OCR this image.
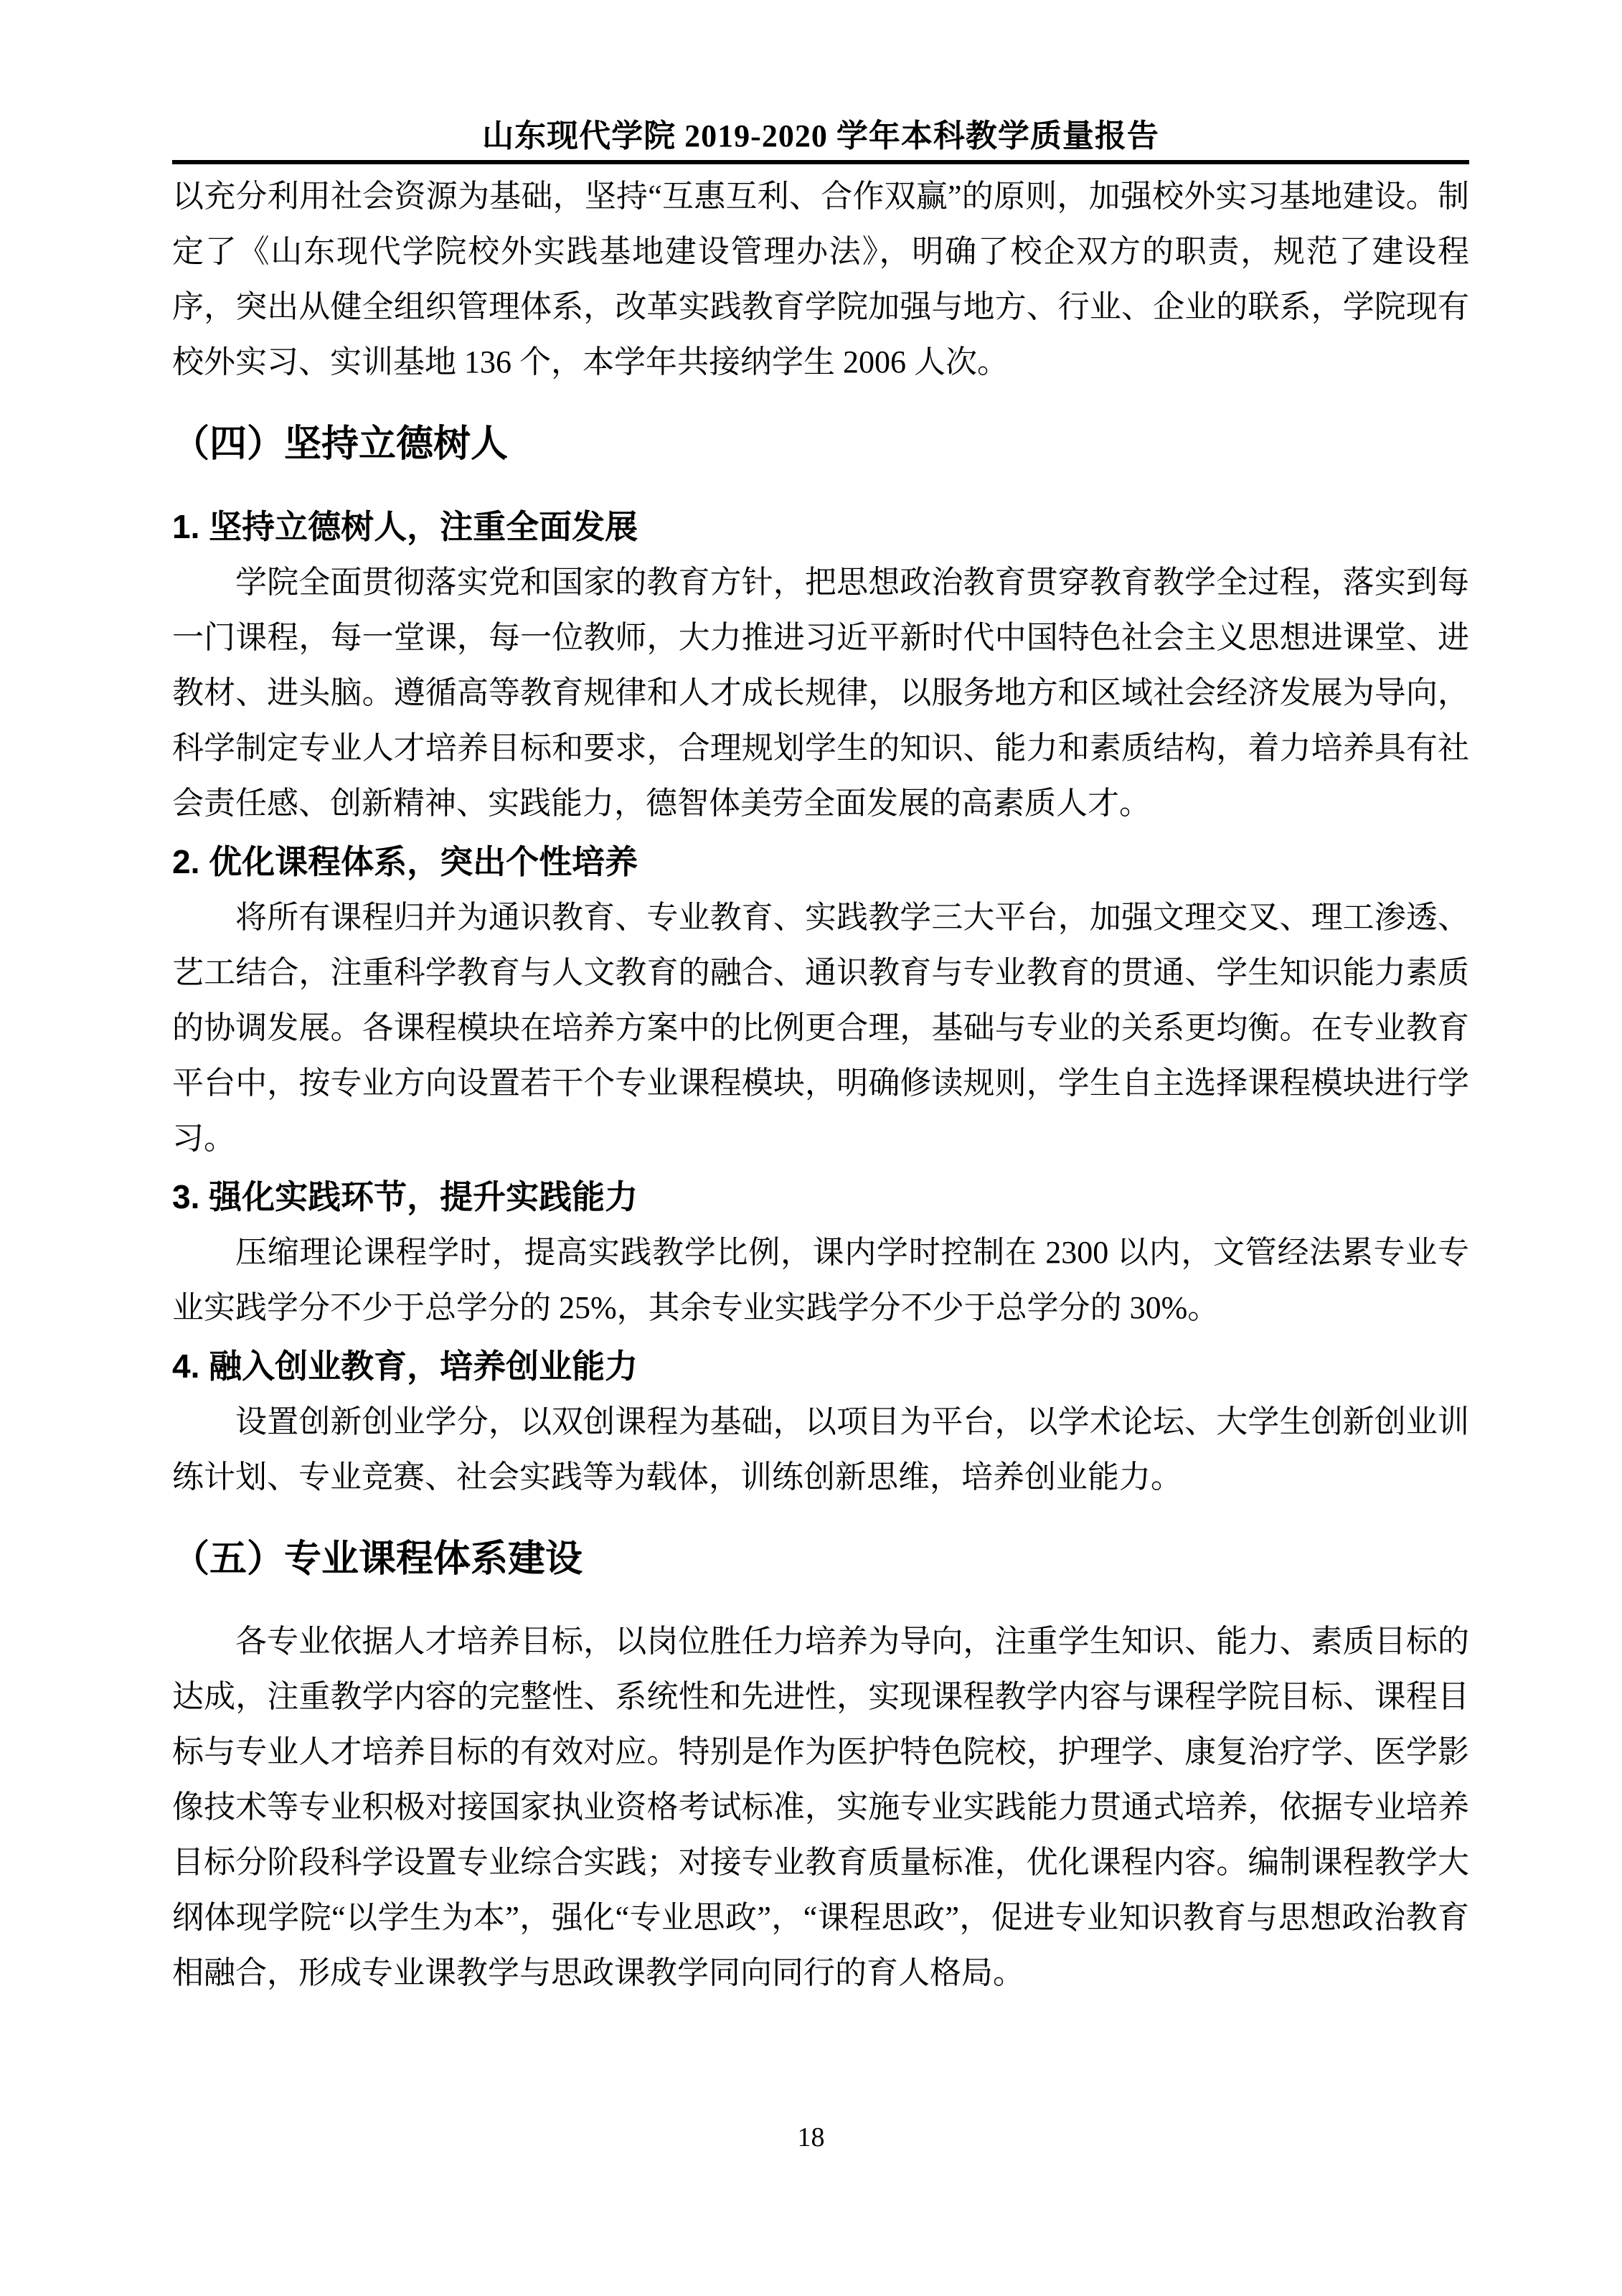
山东现代学院 2019-2020 学年本科教学质量报告

以充分利用社会资源为基础，坚持“互惠互利、合作双赢”的原则，加强校外实习基地建设。制定了《山东现代学院校外实践基地建设管理办法》，明确了校企双方的职责，规范了建设程序，突出从健全组织管理体系，改革实践教育学院加强与地方、行业、企业的联系，学院现有校外实习、实训基地 136 个，本学年共接纳学生 2006 人次。

（四）坚持立德树人
1. 坚持立德树人，注重全面发展

学院全面贯彻落实党和国家的教育方针，把思想政治教育贯穿教育教学全过程，落实到每一门课程，每一堂课，每一位教师，大力推进习近平新时代中国特色社会主义思想进课堂、进教材、进头脑。遵循高等教育规律和人才成长规律，以服务地方和区域社会经济发展为导向，科学制定专业人才培养目标和要求，合理规划学生的知识、能力和素质结构，着力培养具有社会责任感、创新精神、实践能力，德智体美劳全面发展的高素质人才。

2. 优化课程体系，突出个性培养

将所有课程归并为通识教育、专业教育、实践教学三大平台，加强文理交叉、理工渗透、艺工结合，注重科学教育与人文教育的融合、通识教育与专业教育的贯通、学生知识能力素质的协调发展。各课程模块在培养方案中的比例更合理，基础与专业的关系更均衡。在专业教育平台中，按专业方向设置若干个专业课程模块，明确修读规则，学生自主选择课程模块进行学习。

3. 强化实践环节，提升实践能力

压缩理论课程学时，提高实践教学比例，课内学时控制在 2300 以内，文管经法累专业专业实践学分不少于总学分的 25%，其余专业实践学分不少于总学分的 30%。

4. 融入创业教育，培养创业能力

设置创新创业学分，以双创课程为基础，以项目为平台，以学术论坛、大学生创新创业训练计划、专业竞赛、社会实践等为载体，训练创新思维，培养创业能力。

（五）专业课程体系建设

各专业依据人才培养目标，以岗位胜任力培养为导向，注重学生知识、能力、素质目标的达成，注重教学内容的完整性、系统性和先进性，实现课程教学内容与课程学院目标、课程目标与专业人才培养目标的有效对应。特别是作为医护特色院校，护理学、康复治疗学、医学影像技术等专业积极对接国家执业资格考试标准，实施专业实践能力贯通式培养，依据专业培养目标分阶段科学设置专业综合实践；对接专业教育质量标准，优化课程内容。编制课程教学大纲体现学院“以学生为本”，强化“专业思政”，“课程思政”，促进专业知识教育与思想政治教育相融合，形成专业课教学与思政课教学同向同行的育人格局。

18
